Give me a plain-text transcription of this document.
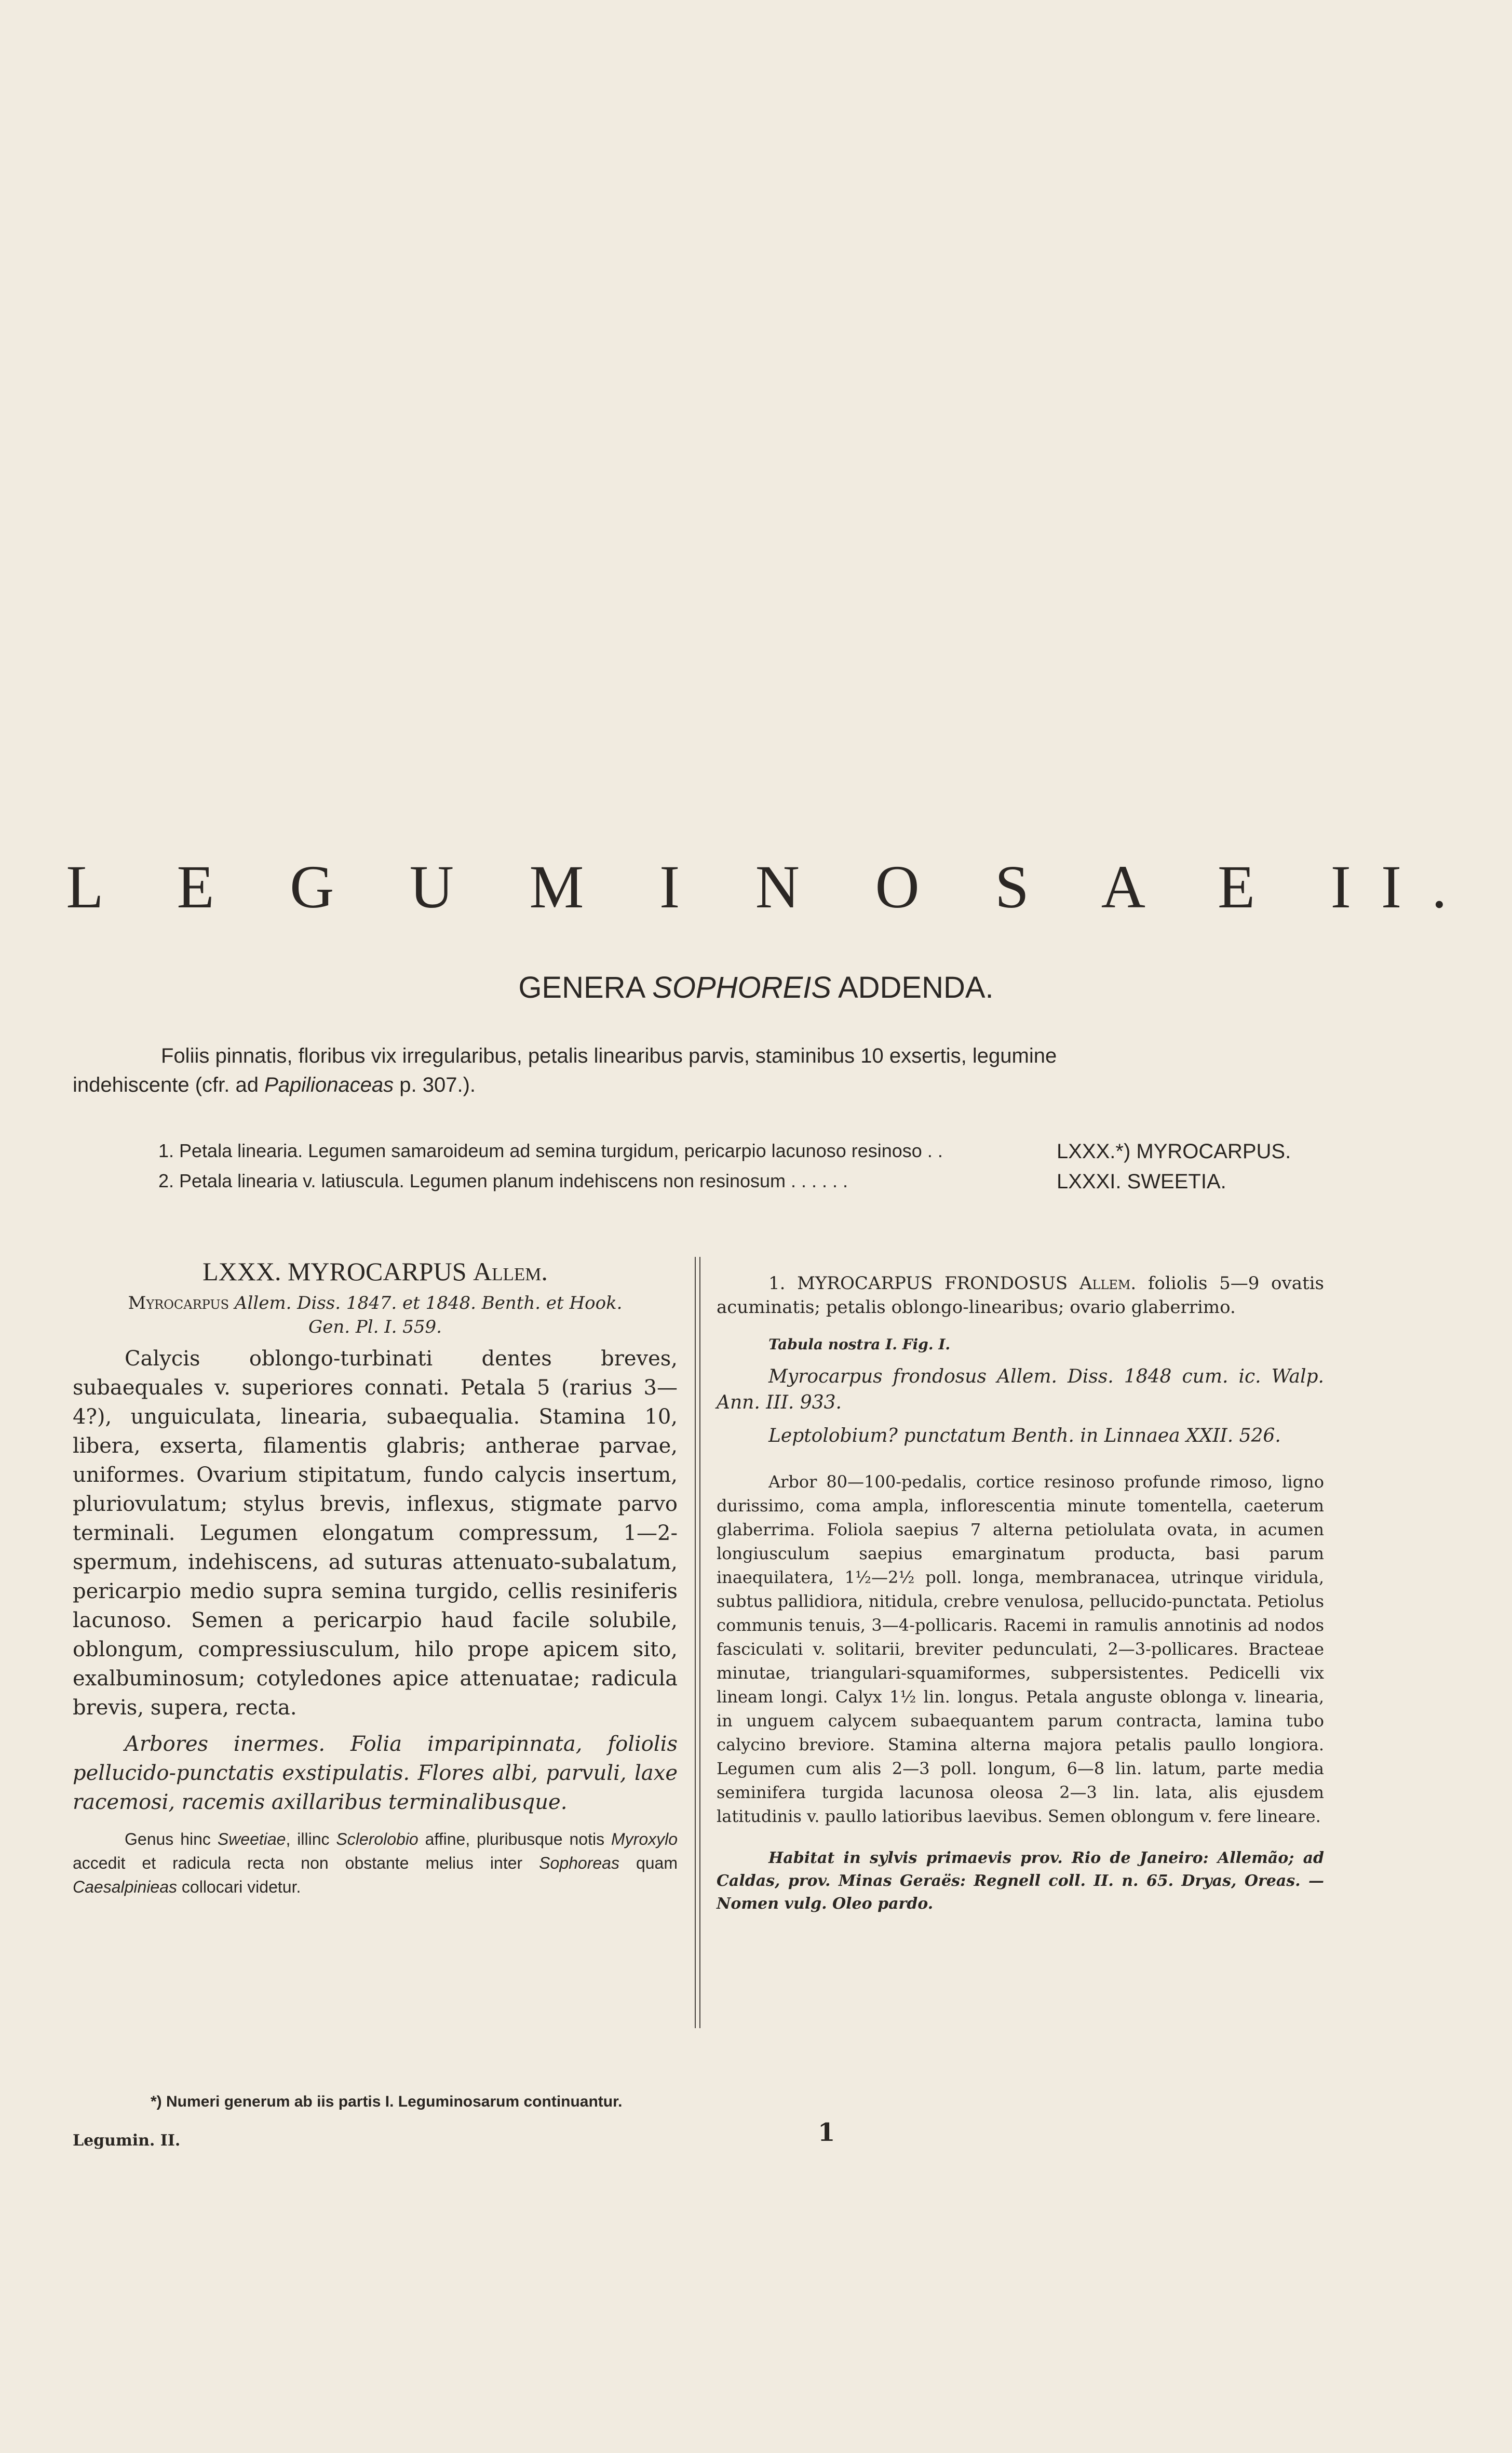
L E G U M I N O S A E II.
GENERA SOPHOREIS ADDENDA.
Foliis pinnatis, floribus vix irregularibus, petalis linearibus parvis, staminibus 10 exsertis, legumine
indehiscente (cfr. ad Papilionaceas p. 307.).
1. Petala linearia. Legumen samaroideum ad semina turgidum, pericarpio lacunoso resinoso . .	LXXX.*) MYROCARPUS.
2. Petala linearia v. latiuscula. Legumen planum indehiscens non resinosum . . . . . .	LXXXI. SWEETIA.
LXXX. MYROCARPUS Allem.
Myrocarpus Allem. Diss. 1847. et 1848. Benth. et Hook.
Gen. Pl. I. 559.
Calycis oblongo-turbinati dentes breves, subaequales v. superiores connati. Petala 5 (rarius 3—4?), unguiculata, linearia, subaequalia. Stamina 10, libera, exserta, filamentis glabris; antherae parvae, uniformes. Ovarium stipitatum, fundo calycis insertum, pluriovulatum; stylus brevis, inflexus, stigmate parvo terminali. Legumen elongatum compressum, 1—2-spermum, indehiscens, ad suturas attenuato-subalatum, pericarpio medio supra semina turgido, cellis resiniferis lacunoso. Semen a pericarpio haud facile solubile, oblongum, compressiusculum, hilo prope apicem sito, exalbuminosum; cotyledones apice attenuatae; radicula brevis, supera, recta.
Arbores inermes. Folia imparipinnata, foliolis pellucido-punctatis exstipulatis. Flores albi, parvuli, laxe racemosi, racemis axillaribus terminalibusque.
Genus hinc Sweetiae, illinc Sclerolobio affine, pluribusque notis Myroxylo accedit et radicula recta non obstante melius inter Sophoreas quam Caesalpinieas collocari videtur.
1. MYROCARPUS FRONDOSUS Allem. foliolis 5—9 ovatis acuminatis; petalis oblongo-linearibus; ovario glaberrimo.
Tabula nostra I. Fig. I.
Myrocarpus frondosus Allem. Diss. 1848 cum. ic. Walp. Ann. III. 933.
Leptolobium? punctatum Benth. in Linnaea XXII. 526.
Arbor 80—100-pedalis, cortice resinoso profunde rimoso, ligno durissimo, coma ampla, inflorescentia minute tomentella, caeterum glaberrima. Foliola saepius 7 alterna petiolulata ovata, in acumen longiusculum saepius emarginatum producta, basi parum inaequilatera, 1½—2½ poll. longa, membranacea, utrinque viridula, subtus pallidiora, nitidula, crebre venulosa, pellucido-punctata. Petiolus communis tenuis, 3—4-pollicaris. Racemi in ramulis annotinis ad nodos fasciculati v. solitarii, breviter pedunculati, 2—3-pollicares. Bracteae minutae, triangulari-squamiformes, subpersistentes. Pedicelli vix lineam longi. Calyx 1½ lin. longus. Petala anguste oblonga v. linearia, in unguem calycem subaequantem parum contracta, lamina tubo calycino breviore. Stamina alterna majora petalis paullo longiora. Legumen cum alis 2—3 poll. longum, 6—8 lin. latum, parte media seminifera turgida lacunosa oleosa 2—3 lin. lata, alis ejusdem latitudinis v. paullo latioribus laevibus. Semen oblongum v. fere lineare.
Habitat in sylvis primaevis prov. Rio de Janeiro: Allemão; ad Caldas, prov. Minas Geraës: Regnell coll. II. n. 65. Dryas, Oreas. — Nomen vulg. Oleo pardo.
*) Numeri generum ab iis partis I. Leguminosarum continuantur.
Legumin. II.	1
